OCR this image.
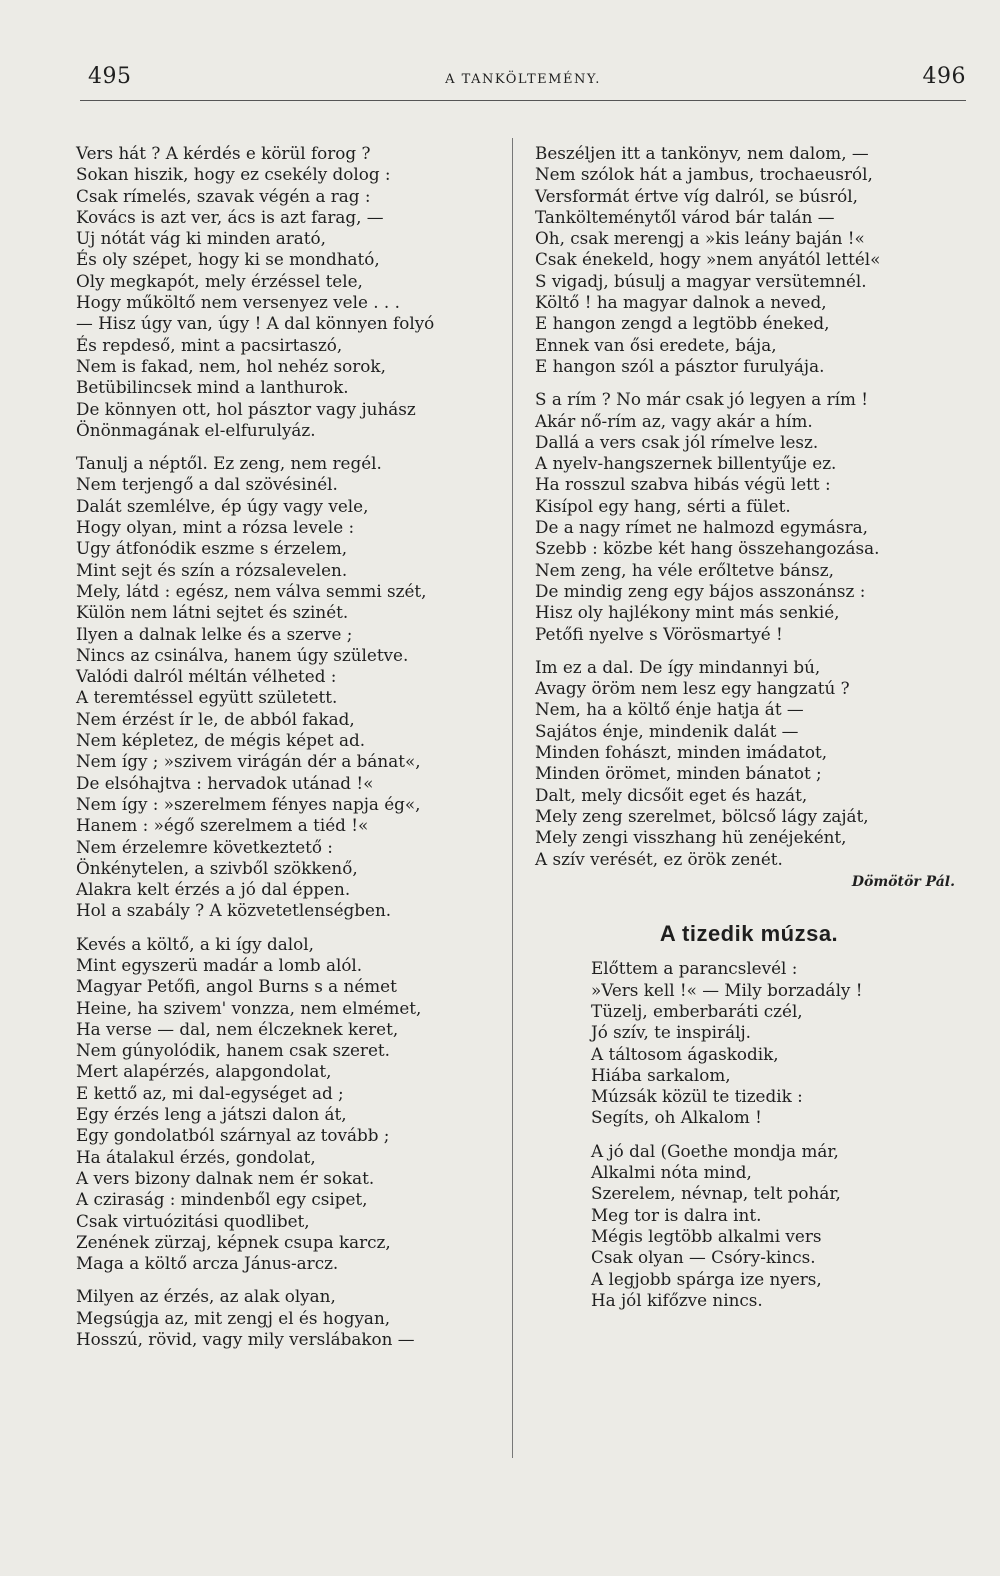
495	A TANKÖLTEMÉNY.	496
Vers hát ? A kérdés e körül forog ?
Sokan hiszik, hogy ez csekély dolog :
Csak rímelés, szavak végén a rag :
Kovács is azt ver, ács is azt farag, —
Uj nótát vág ki minden arató,
És oly szépet, hogy ki se mondható,
Oly megkapót, mely érzéssel tele,
Hogy műköltő nem versenyez vele . . .
— Hisz úgy van, úgy ! A dal könnyen folyó
És repdeső, mint a pacsirtaszó,
Nem is fakad, nem, hol nehéz sorok,
Betübilincsek mind a lanthurok.
De könnyen ott, hol pásztor vagy juhász
Önönmagának el-elfurulyáz.
Tanulj a néptől. Ez zeng, nem regél.
Nem terjengő a dal szövésinél.
Dalát szemlélve, ép úgy vagy vele,
Hogy olyan, mint a rózsa levele :
Ugy átfonódik eszme s érzelem,
Mint sejt és szín a rózsalevelen.
Mely, látd : egész, nem válva semmi szét,
Külön nem látni sejtet és szinét.
Ilyen a dalnak lelke és a szerve ;
Nincs az csinálva, hanem úgy születve.
Valódi dalról méltán vélheted :
A teremtéssel együtt született.
Nem érzést ír le, de abból fakad,
Nem képletez, de mégis képet ad.
Nem így ; »szivem virágán dér a bánat«,
De elsóhajtva : hervadok utánad !«
Nem így : »szerelmem fényes napja ég«,
Hanem : »égő szerelmem a tiéd !«
Nem érzelemre következtető :
Önkénytelen, a szivből szökkenő,
Alakra kelt érzés a jó dal éppen.
Hol a szabály ? A közvetetlenségben.
Kevés a költő, a ki így dalol,
Mint egyszerü madár a lomb alól.
Magyar Petőfi, angol Burns s a német
Heine, ha szivem' vonzza, nem elmémet,
Ha verse — dal, nem élczeknek keret,
Nem gúnyolódik, hanem csak szeret.
Mert alapérzés, alapgondolat,
E kettő az, mi dal-egységet ad ;
Egy érzés leng a játszi dalon át,
Egy gondolatból szárnyal az tovább ;
Ha átalakul érzés, gondolat,
A vers bizony dalnak nem ér sokat.
A cziraság : mindenből egy csipet,
Csak virtuózitási quodlibet,
Zenének zürzaj, képnek csupa karcz,
Maga a költő arcza Jánus-arcz.
Milyen az érzés, az alak olyan,
Megsúgja az, mit zengj el és hogyan,
Hosszú, rövid, vagy mily verslábakon —
Beszéljen itt a tankönyv, nem dalom, —
Nem szólok hát a jambus, trochaeusról,
Versformát értve víg dalról, se búsról,
Tankölteménytől várod bár talán —
Oh, csak merengj a »kis leány baján !«
Csak énekeld, hogy »nem anyától lettél«
S vigadj, búsulj a magyar versütemnél.
Költő ! ha magyar dalnok a neved,
E hangon zengd a legtöbb éneked,
Ennek van ősi eredete, bája,
E hangon szól a pásztor furulyája.
S a rím ? No már csak jó legyen a rím !
Akár nő-rím az, vagy akár a hím.
Dallá a vers csak jól rímelve lesz.
A nyelv-hangszernek billentyűje ez.
Ha rosszul szabva hibás végü lett :
Kisípol egy hang, sérti a fület.
De a nagy rímet ne halmozd egymásra,
Szebb : közbe két hang összehangozása.
Nem zeng, ha véle erőltetve bánsz,
De mindig zeng egy bájos asszonánsz :
Hisz oly hajlékony mint más senkié,
Petőfi nyelve s Vörösmartyé !
Im ez a dal. De így mindannyi bú,
Avagy öröm nem lesz egy hangzatú ?
Nem, ha a költő énje hatja át —
Sajátos énje, mindenik dalát —
Minden fohászt, minden imádatot,
Minden örömet, minden bánatot ;
Dalt, mely dicsőit eget és hazát,
Mely zeng szerelmet, bölcső lágy zaját,
Mely zengi visszhang hü zenéjeként,
A szív verését, ez örök zenét.
Dömötör Pál.
A tizedik múzsa.
Előttem a parancslevél :
»Vers kell !« — Mily borzadály !
Tüzelj, emberbaráti czél,
Jó szív, te inspirálj.
A táltosom ágaskodik,
Hiába sarkalom,
Múzsák közül te tizedik :
Segíts, oh Alkalom !
A jó dal (Goethe mondja már,
Alkalmi nóta mind,
Szerelem, névnap, telt pohár,
Meg tor is dalra int.
Mégis legtöbb alkalmi vers
Csak olyan — Csóry-kincs.
A legjobb spárga ize nyers,
Ha jól kifőzve nincs.
